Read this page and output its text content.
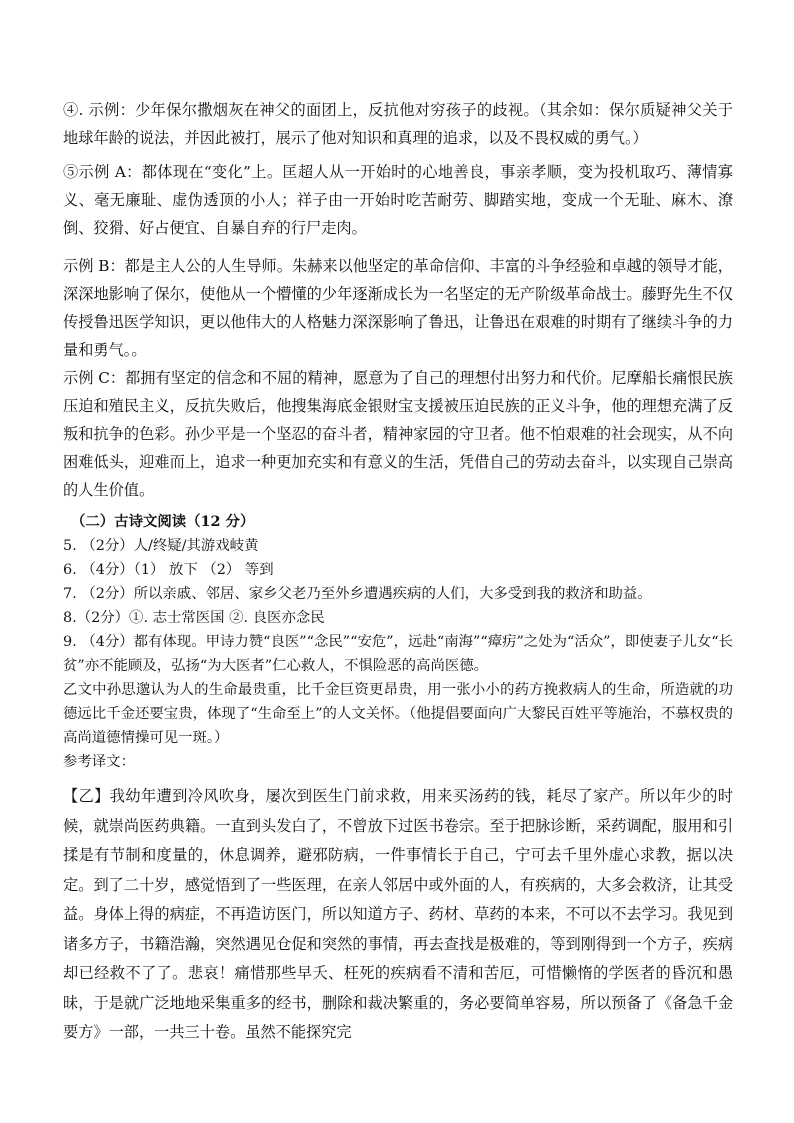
④. 示例：少年保尔撒烟灰在神父的面团上，反抗他对穷孩子的歧视。（其余如：保尔质疑神父关于地球年龄的说法，并因此被打，展示了他对知识和真理的追求，以及不畏权威的勇气。）

⑤示例 A：都体现在“变化”上。匡超人从一开始时的心地善良，事亲孝顺，变为投机取巧、薄情寡义、毫无廉耻、虚伪透顶的小人；祥子由一开始时吃苦耐劳、脚踏实地，变成一个无耻、麻木、潦倒、狡猾、好占便宜、自暴自弃的行尸走肉。

示例 B：都是主人公的人生导师。朱赫来以他坚定的革命信仰、丰富的斗争经验和卓越的领导才能，深深地影响了保尔，使他从一个懵懂的少年逐渐成长为一名坚定的无产阶级革命战士。藤野先生不仅传授鲁迅医学知识，更以他伟大的人格魅力深深影响了鲁迅，让鲁迅在艰难的时期有了继续斗争的力量和勇气。。

示例 C：都拥有坚定的信念和不屈的精神，愿意为了自己的理想付出努力和代价。尼摩船长痛恨民族压迫和殖民主义，反抗失败后，他搜集海底金银财宝支援被压迫民族的正义斗争，他的理想充满了反叛和抗争的色彩。孙少平是一个坚忍的奋斗者，精神家园的守卫者。他不怕艰难的社会现实，从不向困难低头，迎难而上，追求一种更加充实和有意义的生活，凭借自己的劳动去奋斗，以实现自己崇高的人生价值。

（二）古诗文阅读（12 分）

5. （2分）人/终疑/其游戏岐黄

6. （4分）（1） 放下 （2） 等到

7. （2分）所以亲戚、邻居、家乡父老乃至外乡遭遇疾病的人们，大多受到我的救济和助益。

8.（2分）①. 志士常医国 ②. 良医亦念民

9. （4分）都有体现。甲诗力赞“良医”“念民”“安危”，远赴“南海”“瘴疠”之处为“活众”，即使妻子儿女“长贫”亦不能顾及，弘扬“为大医者”仁心救人，不惧险恶的高尚医德。

乙文中孙思邈认为人的生命最贵重，比千金巨资更昂贵，用一张小小的药方挽救病人的生命，所造就的功德远比千金还要宝贵，体现了“生命至上”的人文关怀。（他提倡要面向广大黎民百姓平等施治，不慕权贵的高尚道德情操可见一斑。）

参考译文：

【乙】我幼年遭到冷风吹身，屡次到医生门前求救，用来买汤药的钱，耗尽了家产。所以年少的时候，就崇尚医药典籍。一直到头发白了，不曾放下过医书卷宗。至于把脉诊断，采药调配，服用和引揉是有节制和度量的，休息调养，避邪防病，一件事情长于自己，宁可去千里外虚心求教，据以决定。到了二十岁，感觉悟到了一些医理，在亲人邻居中或外面的人，有疾病的，大多会救济，让其受益。身体上得的病症，不再造访医门，所以知道方子、药材、草药的本来，不可以不去学习。我见到诸多方子，书籍浩瀚，突然遇见仓促和突然的事情，再去查找是极难的，等到刚得到一个方子，疾病却已经救不了了。悲哀！痛惜那些早夭、枉死的疾病看不清和苦厄，可惜懒惰的学医者的昏沉和愚昧，于是就广泛地地采集重多的经书，删除和裁决繁重的，务必要简单容易，所以预备了《备急千金要方》一部，一共三十卷。虽然不能探究完
